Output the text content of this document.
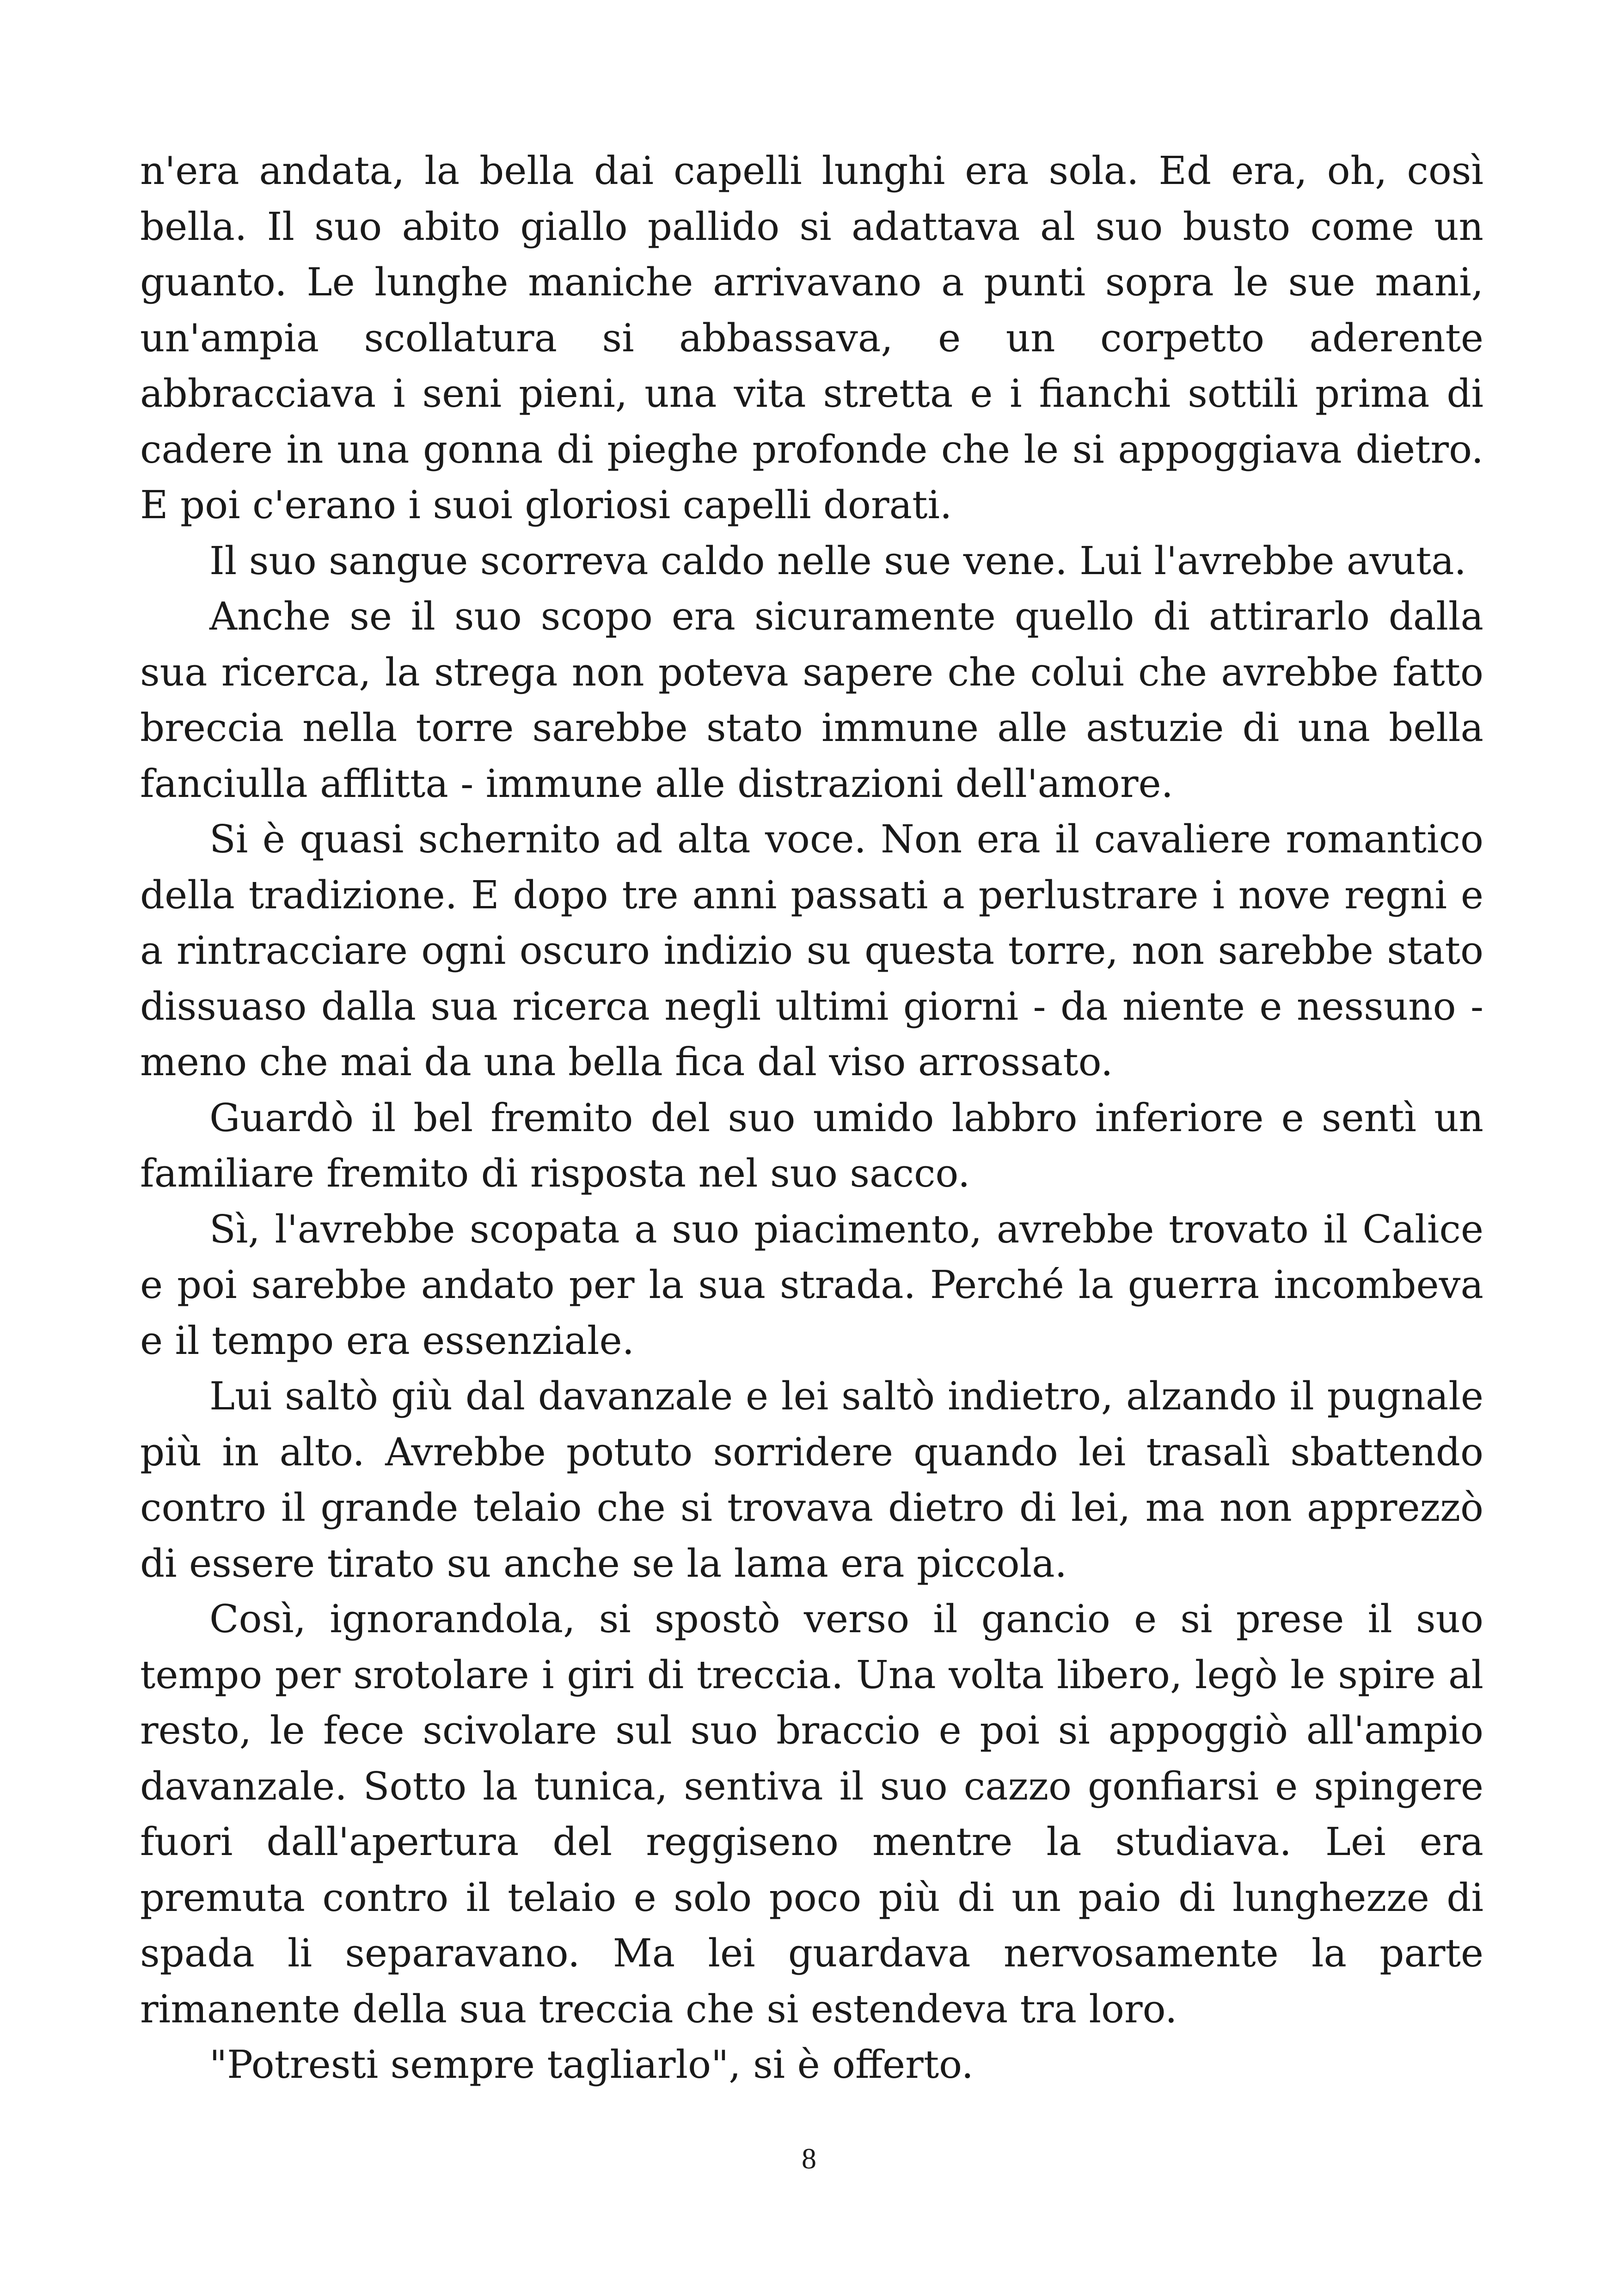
n'era andata, la bella dai capelli lunghi era sola. Ed era, oh, così bella. Il suo abito giallo pallido si adattava al suo busto come un guanto. Le lunghe maniche arrivavano a punti sopra le sue mani, un'ampia scollatura si abbassava, e un corpetto aderente abbracciava i seni pieni, una vita stretta e i fianchi sottili prima di cadere in una gonna di pieghe profonde che le si appoggiava dietro. E poi c'erano i suoi gloriosi capelli dorati.

Il suo sangue scorreva caldo nelle sue vene. Lui l'avrebbe avuta.

Anche se il suo scopo era sicuramente quello di attirarlo dalla sua ricerca, la strega non poteva sapere che colui che avrebbe fatto breccia nella torre sarebbe stato immune alle astuzie di una bella fanciulla afflitta - immune alle distrazioni dell'amore.

Si è quasi schernito ad alta voce. Non era il cavaliere romantico della tradizione. E dopo tre anni passati a perlustrare i nove regni e a rintracciare ogni oscuro indizio su questa torre, non sarebbe stato dissuaso dalla sua ricerca negli ultimi giorni - da niente e nessuno - meno che mai da una bella fica dal viso arrossato.

Guardò il bel fremito del suo umido labbro inferiore e sentì un familiare fremito di risposta nel suo sacco.

Sì, l'avrebbe scopata a suo piacimento, avrebbe trovato il Calice e poi sarebbe andato per la sua strada. Perché la guerra incombeva e il tempo era essenziale.

Lui saltò giù dal davanzale e lei saltò indietro, alzando il pugnale più in alto. Avrebbe potuto sorridere quando lei trasalì sbattendo contro il grande telaio che si trovava dietro di lei, ma non apprezzò di essere tirato su anche se la lama era piccola.

Così, ignorandola, si spostò verso il gancio e si prese il suo tempo per srotolare i giri di treccia. Una volta libero, legò le spire al resto, le fece scivolare sul suo braccio e poi si appoggiò all'ampio davanzale. Sotto la tunica, sentiva il suo cazzo gonfiarsi e spingere fuori dall'apertura del reggiseno mentre la studiava. Lei era premuta contro il telaio e solo poco più di un paio di lunghezze di spada li separavano. Ma lei guardava nervosamente la parte rimanente della sua treccia che si estendeva tra loro.

"Potresti sempre tagliarlo", si è offerto.

8
